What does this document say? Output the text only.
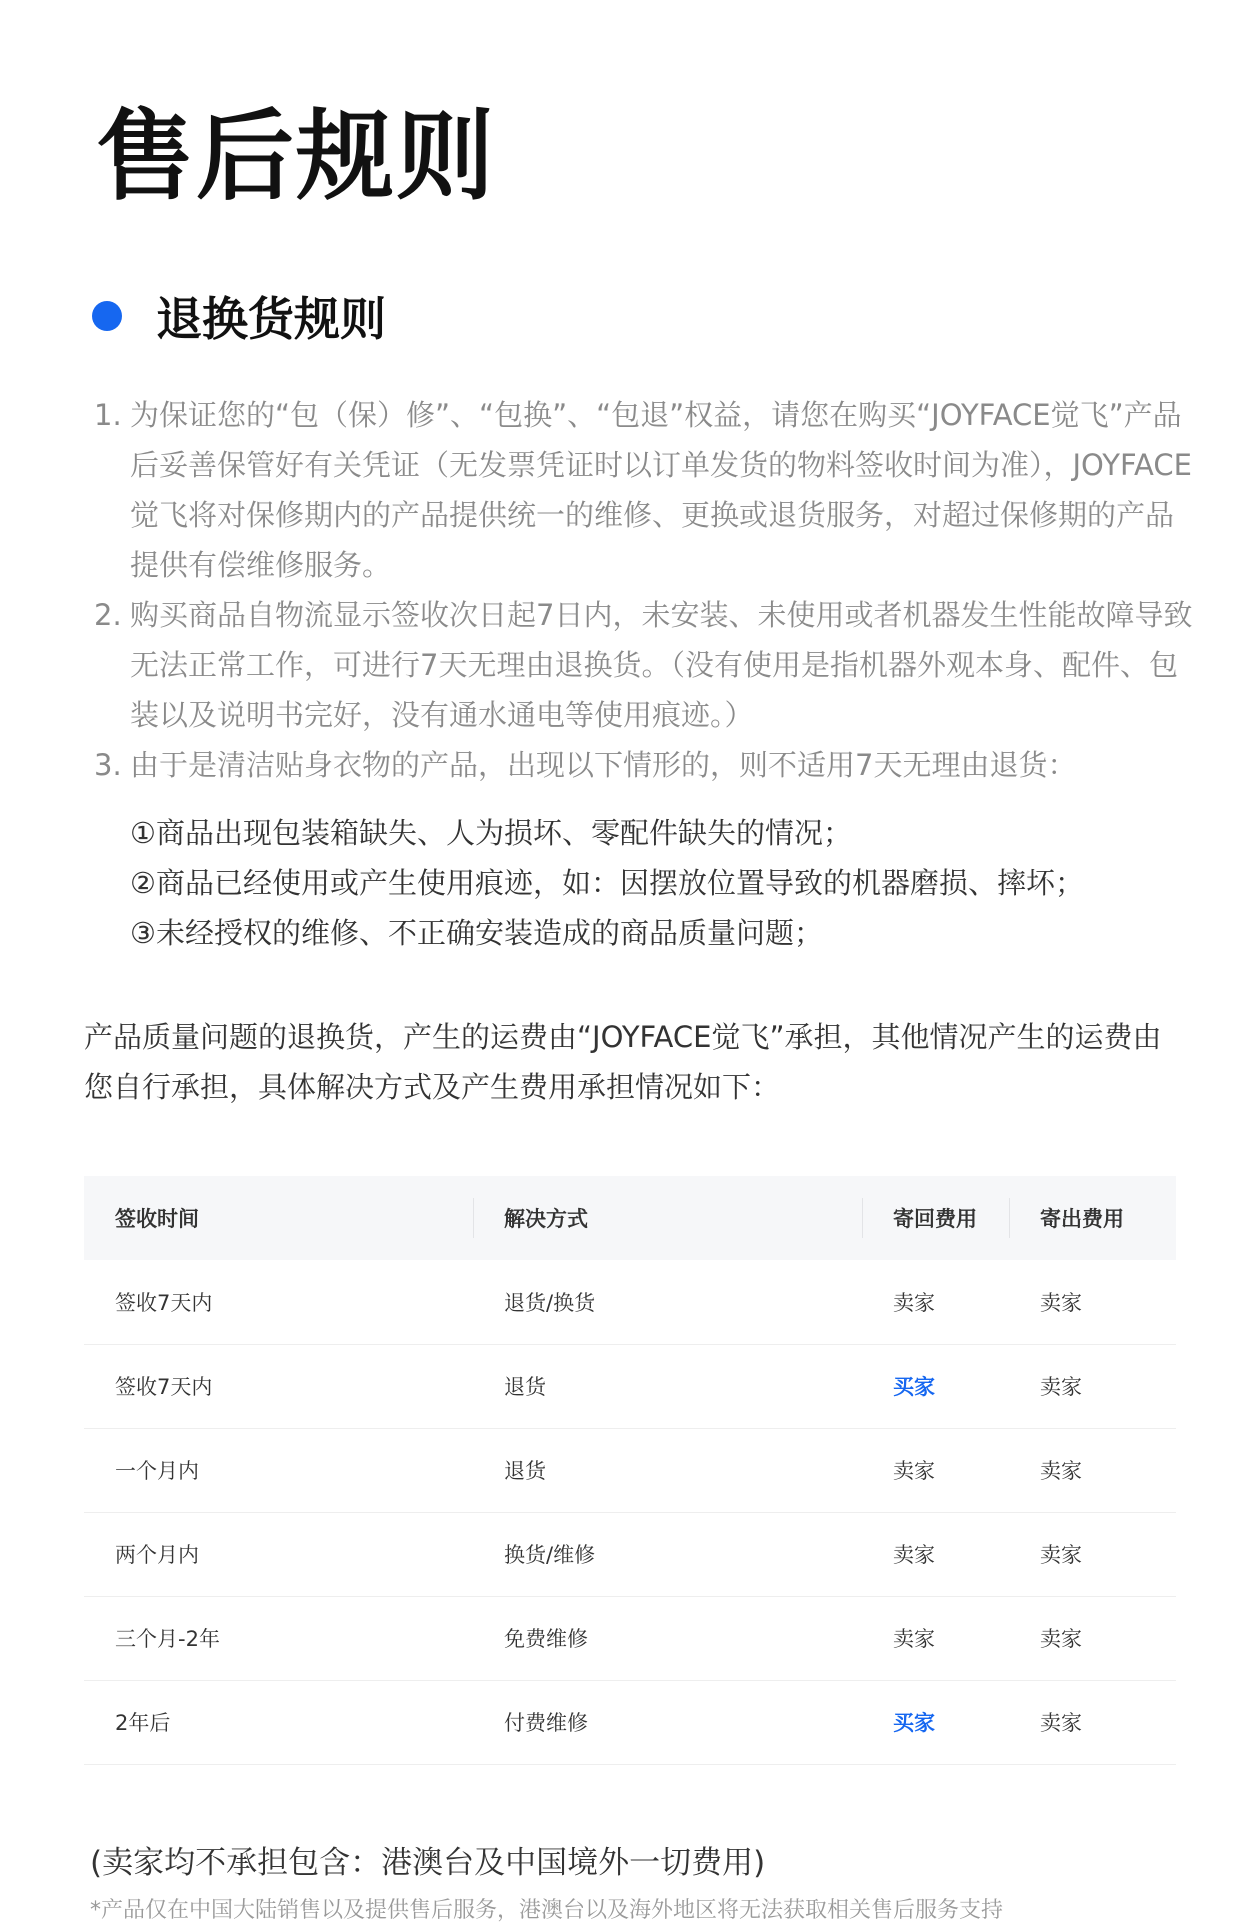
售后规则
退换货规则
1. 为保证您的“包（保）修”、“包换”、“包退”权益，请您在购买“JOYFACE觉飞”产品后妥善保管好有关凭证（无发票凭证时以订单发货的物料签收时间为准），JOYFACE觉飞将对保修期内的产品提供统一的维修、更换或退货服务，对超过保修期的产品提供有偿维修服务。
2. 购买商品自物流显示签收次日起7日内，未安装、未使用或者机器发生性能故障导致　无法正常工作，可进行7天无理由退换货。（没有使用是指机器外观本身、配件、包装以及说明书完好，没有通水通电等使用痕迹。）
3. 由于是清洁贴身衣物的产品，出现以下情形的，则不适用7天无理由退货：
①商品出现包装箱缺失、人为损坏、零配件缺失的情况；
②商品已经使用或产生使用痕迹，如：因摆放位置导致的机器磨损、摔坏；
③未经授权的维修、不正确安装造成的商品质量问题；
产品质量问题的退换货，产生的运费由“JOYFACE觉飞”承担，其他情况产生的运费由您自行承担，具体解决方式及产生费用承担情况如下：
签收时间	解决方式	寄回费用	寄出费用
签收7天内	退货/换货	卖家	卖家
签收7天内	退货	买家	卖家
一个月内	退货	卖家	卖家
两个月内	换货/维修	卖家	卖家
三个月-2年	免费维修	卖家	卖家
2年后	付费维修	买家	卖家
(卖家均不承担包含：港澳台及中国境外一切费用)
*产品仅在中国大陆销售以及提供售后服务，港澳台以及海外地区将无法获取相关售后服务支持
